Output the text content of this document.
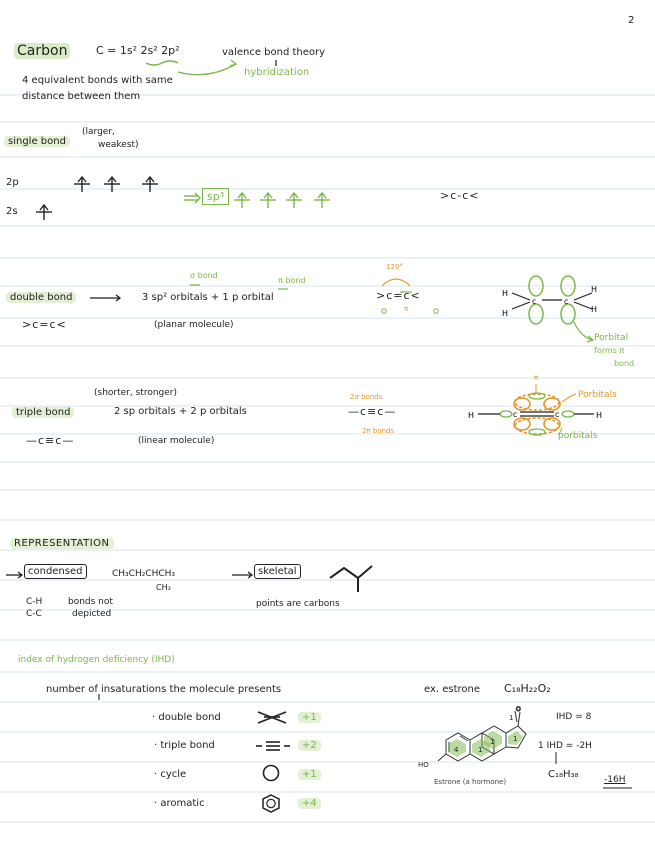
2
Carbon	C = 1s² 2s² 2p²	valence bond theory
hybridization
4 equivalent bonds with same
distance between them
single bond
(larger,
weakest)
2p
2s
sp³	>c-c<
double bond	3 sp² orbitals + 1 p orbital
σ bond
π bond
>c=c<	(planar molecule)
120°
>c=c<
π
Porbital
forms π
bond
(shorter, stronger)
triple bond	2 sp orbitals + 2 p orbitals
—c≡c—	(linear molecule)
2σ bonds
—c≡c—
2π bonds
Porbitals
porbitals
REPRESENTATION
condensed	CH₃CH₂CHCH₃
CH₃
skeletal
C-H	bonds not
C-C	depicted
points are carbons
index of hydrogen deficiency (IHD)
number of insaturations the molecule presents
· double bond	+1
· triple bond	+2
· cycle	+1
· aromatic	+4
ex. estrone C₁₈H₂₂O₂
IHD = 8
1 IHD = -2H
C₁₈H₃₈	-16H
Estrone (a hormone)
HO
H
H
H
H
c	c
H	H
c	c
π
O
4	1
1	1
1
